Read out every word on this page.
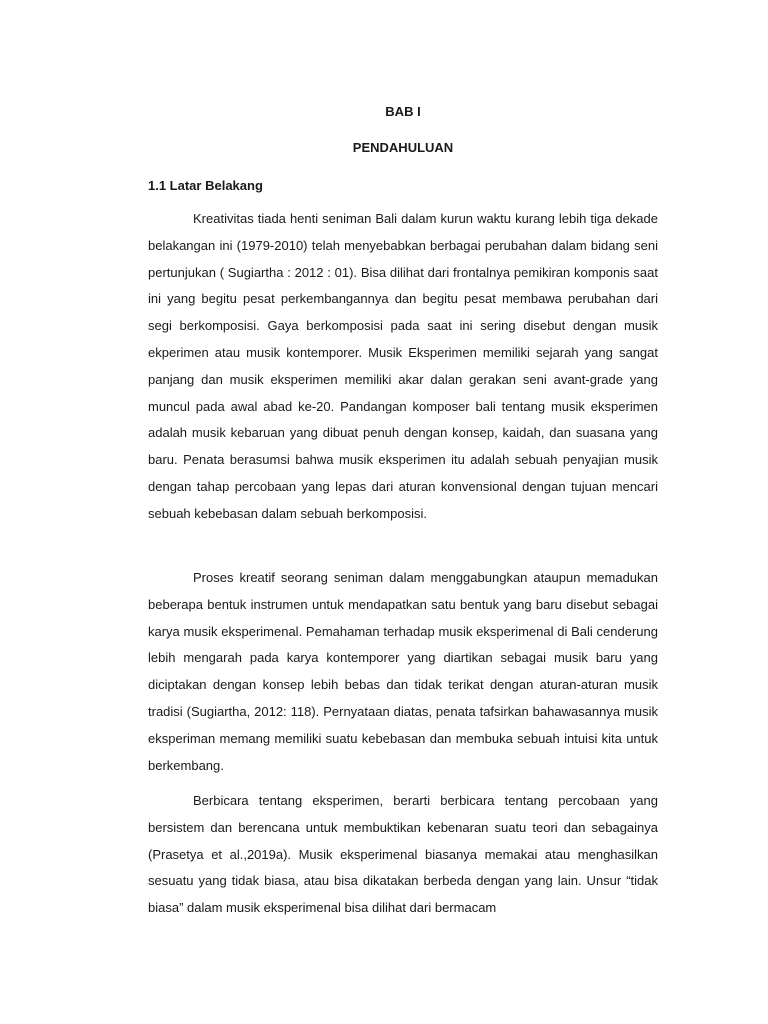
BAB I

PENDAHULUAN

1.1 Latar Belakang

Kreativitas tiada henti seniman Bali dalam kurun waktu kurang lebih tiga dekade belakangan ini (1979-2010) telah menyebabkan berbagai perubahan dalam bidang seni pertunjukan ( Sugiartha : 2012 : 01). Bisa dilihat dari frontalnya pemikiran komponis saat ini yang begitu pesat perkembangannya dan begitu pesat membawa perubahan dari segi berkomposisi. Gaya berkomposisi pada saat ini sering disebut dengan musik ekperimen atau musik kontemporer. Musik Eksperimen memiliki sejarah yang sangat panjang dan musik eksperimen memiliki akar dalan gerakan seni avant-grade yang muncul pada awal abad ke-20. Pandangan komposer bali tentang musik eksperimen adalah musik kebaruan yang dibuat penuh dengan konsep, kaidah, dan suasana yang baru. Penata berasumsi bahwa musik eksperimen itu adalah sebuah penyajian musik dengan tahap percobaan yang lepas dari aturan konvensional dengan tujuan mencari sebuah kebebasan dalam sebuah berkomposisi.

Proses kreatif seorang seniman dalam menggabungkan ataupun memadukan beberapa bentuk instrumen untuk mendapatkan satu bentuk yang baru disebut sebagai karya musik eksperimenal. Pemahaman terhadap musik eksperimenal di Bali cenderung lebih mengarah pada karya kontemporer yang diartikan sebagai musik baru yang diciptakan dengan konsep lebih bebas dan tidak terikat dengan aturan-aturan musik tradisi (Sugiartha, 2012: 118). Pernyataan diatas, penata tafsirkan bahawasannya musik eksperiman memang memiliki suatu kebebasan dan membuka sebuah intuisi kita untuk berkembang.

Berbicara tentang eksperimen, berarti berbicara tentang percobaan yang bersistem dan berencana untuk membuktikan kebenaran suatu teori dan sebagainya (Prasetya et al.,2019a). Musik eksperimenal biasanya memakai atau menghasilkan sesuatu yang tidak biasa, atau bisa dikatakan berbeda dengan yang lain. Unsur “tidak biasa” dalam musik eksperimenal bisa dilihat dari bermacam
